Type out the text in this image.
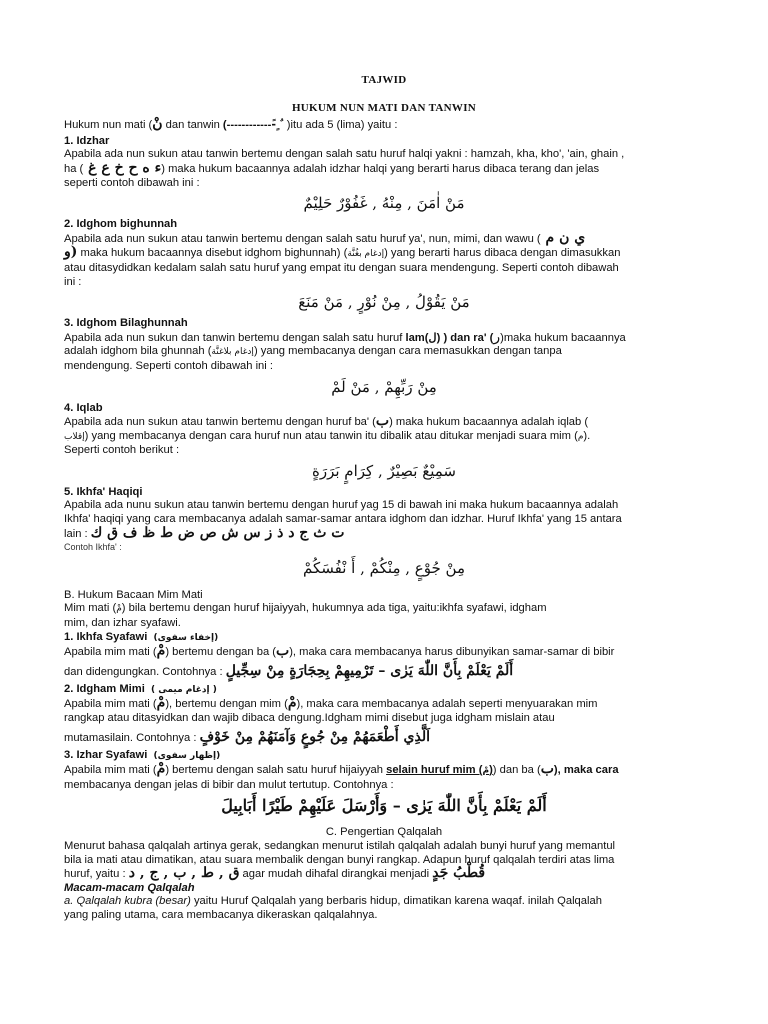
TAJWID
HUKUM NUN MATI DAN TANWIN
Hukum nun mati (نْ dan tanwin (-------------ً ٍ ٌ )itu ada 5 (lima) yaitu :
1. Idzhar
Apabila ada nun sukun atau tanwin bertemu dengan salah satu huruf halqi yakni : hamzah, kha, kho', 'ain, ghain ,
ha ( ء ه ح خ ع غ) maka hukum bacaannya adalah idzhar halqi yang berarti harus dibaca terang dan jelas
seperti contoh dibawah ini :
مَنْ اٰمَنَ , مِنْهُ , غَفُوْرٌ حَلِيْمٌ
2. Idghom bighunnah
Apabila ada nun sukun atau tanwin bertemu dengan salah satu huruf ya', nun, mimi, dan wawu ( ي ن م
و) maka hukum bacaannya disebut idghom bighunnah) (إدغام بغُنَّة) yang berarti harus dibaca dengan dimasukkan
atau ditasydidkan kedalam salah satu huruf yang empat itu dengan suara mendengung. Seperti contoh dibawah
ini :
مَنْ يَقُوْلُ , مِنْ نُوْرٍ , مَنْ مَنَعَ
3. Idghom Bilaghunnah
Apabila ada nun sukun dan tanwin bertemu dengan salah satu huruf lam(ل) ) dan ra' (ر)maka hukum bacaannya
adalah idghom bila ghunnah (إدغام بلاغنَّة) yang membacanya dengan cara memasukkan dengan tanpa
mendengung. Seperti contoh dibawah ini :
مِنْ رَبِّهِمْ , مَنْ لَمْ
4. Iqlab
Apabila ada nun sukun atau tanwin bertemu dengan huruf ba' (ب) maka hukum bacaannya adalah iqlab (
إقلاب) yang membacanya dengan cara huruf nun atau tanwin itu dibalik atau ditukar menjadi suara mim (م).
Seperti contoh berikut :
سَمِيْعٌ بَصِيْرٌ , كِرَامٍ بَرَرَةٍ
5. Ikhfa' Haqiqi
Apabila ada nunu sukun atau tanwin bertemu dengan huruf yag 15 di bawah ini maka hukum bacaannya adalah
Ikhfa' haqiqi yang cara membacanya adalah samar-samar antara idghom dan idzhar. Huruf Ikhfa' yang 15 antara
lain : ت ث ج د ذ ز س ش ص ض ط ظ ف ق ك
Contoh Ikhfa' :
مِنْ جُوْعٍ , مِنْكُمْ , أَ نْفُسَكُمْ
B. Hukum Bacaan Mim Mati
Mim mati (مْ) bila bertemu dengan huruf hijaiyyah, hukumnya ada tiga, yaitu:ikhfa syafawi, idgham
mim, dan izhar syafawi.
1. Ikhfa Syafawi (إخفاء سفوى)
Apabila mim mati (مْ) bertemu dengan ba (ب), maka cara membacanya harus dibunyikan samar-samar di bibir
dan didengungkan. Contohnya : أَلَمْ يَعْلَمْ بِأَنَّ اللّٰهَ يَرٰى – تَرْمِيهِمْ بِحِجَارَةٍ مِنْ سِجِّيلٍ
2. Idgham Mimi ( إدغام ميمى )
Apabila mim mati (مْ), bertemu dengan mim (مْ), maka cara membacanya adalah seperti menyuarakan mim
rangkap atau ditasyidkan dan wajib dibaca dengung.Idgham mimi disebut juga idgham mislain atau
mutamasilain. Contohnya : اَلَّذِي أَطْعَمَهُمْ مِنْ جُوعٍ وَآمَنَهُمْ مِنْ خَوْفٍ
3. Izhar Syafawi (إظهار سفوى)
Apabila mim mati (مْ) bertemu dengan salah satu huruf hijaiyyah selain huruf mim (مْ)) dan ba (ب), maka cara
membacanya dengan jelas di bibir dan mulut tertutup. Contohnya :
أَلَمْ يَعْلَمْ بِأَنَّ اللّٰهَ يَرٰى – وَأَرْسَلَ عَلَيْهِمْ طَيْرًا أَبَابِيلَ
C. Pengertian Qalqalah
Menurut bahasa qalqalah artinya gerak, sedangkan menurut istilah qalqalah adalah bunyi huruf yang memantul
bila ia mati atau dimatikan, atau suara membalik dengan bunyi rangkap. Adapun huruf qalqalah terdiri atas lima
huruf, yaitu : ق , ط , ب , ج , د agar mudah dihafal dirangkai menjadi قُطْبُ جَدٍ
Macam-macam Qalqalah
a. Qalqalah kubra (besar) yaitu Huruf Qalqalah yang berbaris hidup, dimatikan karena waqaf. inilah Qalqalah
yang paling utama, cara membacanya dikeraskan qalqalahnya.
